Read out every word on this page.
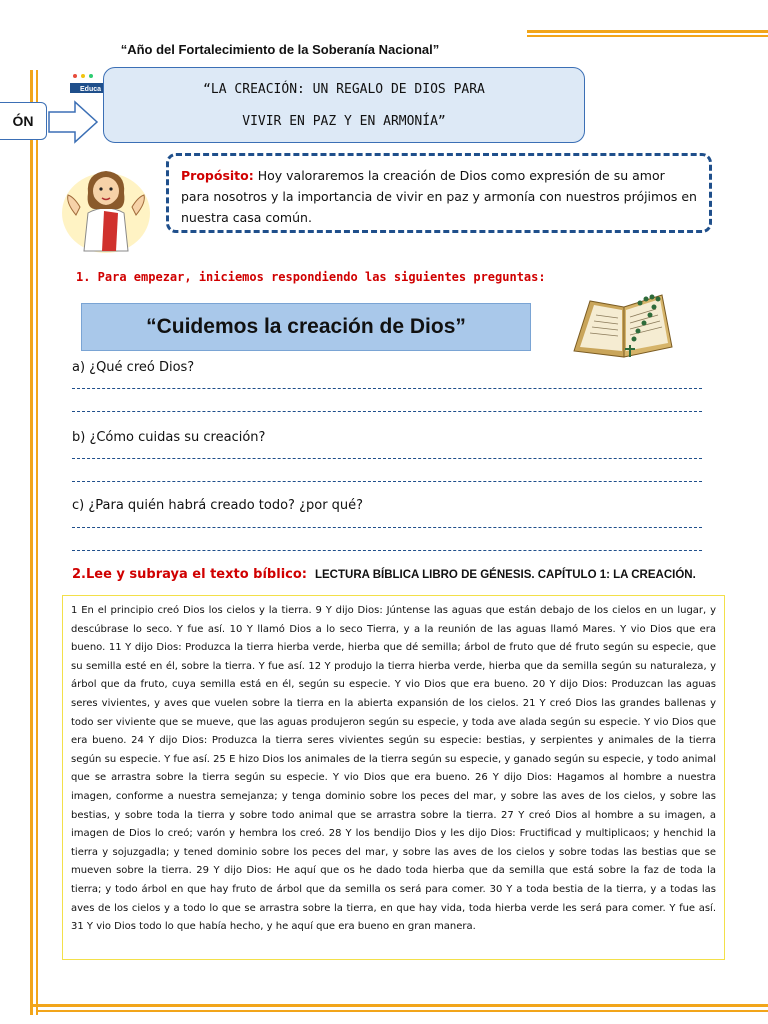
“Año del Fortalecimiento de la Soberanía Nacional”
ÓN
Educa	“LA CREACIÓN: UN REGALO DE DIOS PARA
VIVIR EN PAZ Y EN ARMONÍA”
Propósito: Hoy valoraremos la creación de Dios como expresión de su amor para nosotros y la importancia de vivir en paz y armonía con nuestros prójimos en nuestra casa común.
1. Para empezar, iniciemos respondiendo las siguientes preguntas:
“Cuidemos la creación de Dios”
a) ¿Qué creó Dios?
b) ¿Cómo cuidas su creación?
c) ¿Para quién habrá creado todo? ¿por qué?
2.Lee y subraya el texto bíblico: LECTURA BÍBLICA LIBRO DE GÉNESIS. CAPÍTULO 1: LA CREACIÓN.
1 En el principio creó Dios los cielos y la tierra. 9 Y dijo Dios: Júntense las aguas que están debajo de los cielos en un lugar, y descúbrase lo seco. Y fue así. 10 Y llamó Dios a lo seco Tierra, y a la reunión de las aguas llamó Mares. Y vio Dios que era bueno. 11 Y dijo Dios: Produzca la tierra hierba verde, hierba que dé semilla; árbol de fruto que dé fruto según su especie, que su semilla esté en él, sobre la tierra. Y fue así. 12 Y produjo la tierra hierba verde, hierba que da semilla según su naturaleza, y árbol que da fruto, cuya semilla está en él, según su especie. Y vio Dios que era bueno. 20 Y dijo Dios: Produzcan las aguas seres vivientes, y aves que vuelen sobre la tierra en la abierta expansión de los cielos. 21 Y creó Dios las grandes ballenas y todo ser viviente que se mueve, que las aguas produjeron según su especie, y toda ave alada según su especie. Y vio Dios que era bueno. 24 Y dijo Dios: Produzca la tierra seres vivientes según su especie: bestias, y serpientes y animales de la tierra según su especie. Y fue así. 25 E hizo Dios los animales de la tierra según su especie, y ganado según su especie, y todo animal que se arrastra sobre la tierra según su especie. Y vio Dios que era bueno. 26 Y dijo Dios: Hagamos al hombre a nuestra imagen, conforme a nuestra semejanza; y tenga dominio sobre los peces del mar, y sobre las aves de los cielos, y sobre las bestias, y sobre toda la tierra y sobre todo animal que se arrastra sobre la tierra. 27 Y creó Dios al hombre a su imagen, a imagen de Dios lo creó; varón y hembra los creó. 28 Y los bendijo Dios y les dijo Dios: Fructificad y multiplicaos; y henchid la tierra y sojuzgadla; y tened dominio sobre los peces del mar, y sobre las aves de los cielos y sobre todas las bestias que se mueven sobre la tierra. 29 Y dijo Dios: He aquí que os he dado toda hierba que da semilla que está sobre la faz de toda la tierra; y todo árbol en que hay fruto de árbol que da semilla os será para comer. 30 Y a toda bestia de la tierra, y a todas las aves de los cielos y a todo lo que se arrastra sobre la tierra, en que hay vida, toda hierba verde les será para comer. Y fue así. 31 Y vio Dios todo lo que había hecho, y he aquí que era bueno en gran manera.
